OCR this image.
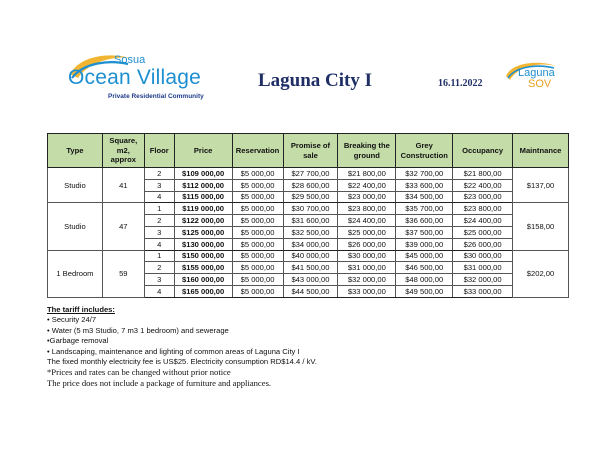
Sosua
Ocean Village
Private Residential Community
Laguna City I	16.11.2022
Laguna
SOV
Type	Square, m2, approx	Floor	Price	Reservation	Promise of sale	Breaking the ground	Grey Construction	Occupancy	Maintnance
Studio	41	2	$109 000,00	$5 000,00	$27 700,00	$21 800,00	$32 700,00	$21 800,00	$137,00
		3	$112 000,00	$5 000,00	$28 600,00	$22 400,00	$33 600,00	$22 400,00	
		4	$115 000,00	$5 000,00	$29 500,00	$23 000,00	$34 500,00	$23 000,00	
Studio	47	1	$119 000,00	$5 000,00	$30 700,00	$23 800,00	$35 700,00	$23 800,00	$158,00
		2	$122 000,00	$5 000,00	$31 600,00	$24 400,00	$36 600,00	$24 400,00	
		3	$125 000,00	$5 000,00	$32 500,00	$25 000,00	$37 500,00	$25 000,00	
		4	$130 000,00	$5 000,00	$34 000,00	$26 000,00	$39 000,00	$26 000,00	
1 Bedroom	59	1	$150 000,00	$5 000,00	$40 000,00	$30 000,00	$45 000,00	$30 000,00	$202,00
		2	$155 000,00	$5 000,00	$41 500,00	$31 000,00	$46 500,00	$31 000,00	
		3	$160 000,00	$5 000,00	$43 000,00	$32 000,00	$48 000,00	$32 000,00	
		4	$165 000,00	$5 000,00	$44 500,00	$33 000,00	$49 500,00	$33 000,00	
The tariff includes:
• Security 24/7
• Water (5 m3 Studio, 7 m3 1 bedroom) and sewerage
•Garbage removal
• Landscaping, maintenance and lighting of common areas of Laguna City I
The fixed monthly electricity fee is US$25. Electricity consumption RD$14.4 / kV.
*Prices and rates can be changed without prior notice
The price does not include a package of furniture and appliances.
